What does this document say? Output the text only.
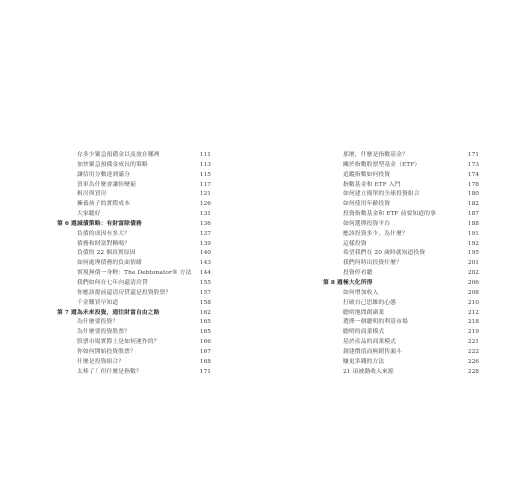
存多少緊急預備金以及放在哪裡	111
加快緊急預備金成長的策略	113
讓信用分數達到滿分	115
買車為什麼會讓你變窮	117
租房與買房	121
擁養孩子的實際成本	126
大家聽好	131
第 6 週 減債策略：有財富除債務	136
負債的成因有多大？	137
債務和財富對稱嗎？	139
負債的 22 個真實原因	140
如何處理債務的負面情緒	143
實現無債一身輕：The Debtonator® 方法 144
我們如何在七年內還清房貸	155
你應該提前還清房貸還是投資股票？	157
千金難買早知道	158
第 7 週 為未來投資，通往財富自由之路	162
為什麼要投資？	165
為什麼要投資股票？	165
股票市場實際上是如何運作的？	166
你如何開始投資股票？	167
什麼是投資組合？	168
太棒了！但什麼是指數？	171
那麼，什麼是指數基金？	171
關於指數股票型基金（ETF）	173
追蹤指數如何投資	174
指數基金和 ETF 入門	178
如何建立簡單的全球投資組合	180
如何使用年齡投資	182
投資指數基金和 ETF 前要知道的事	187
如何選擇投資平台	188
應該投資多少，為什麼？	191
這樣投資	192
希望我們在 20 歲時就知道投資	195
我們何時出投資什麼？	201
投資停看聽	202
第 8 週 極大化所得	206
如何增加收入	208
打破自己思維的心態	210
聰明地問創副業	212
選擇一個聰明的利基市場	218
聰明的商業模式	219
基於產品的商業模式	221
創建價值而無銷售漏斗	222
賺更多錢的方法	226
21 項被動收入來源	228
